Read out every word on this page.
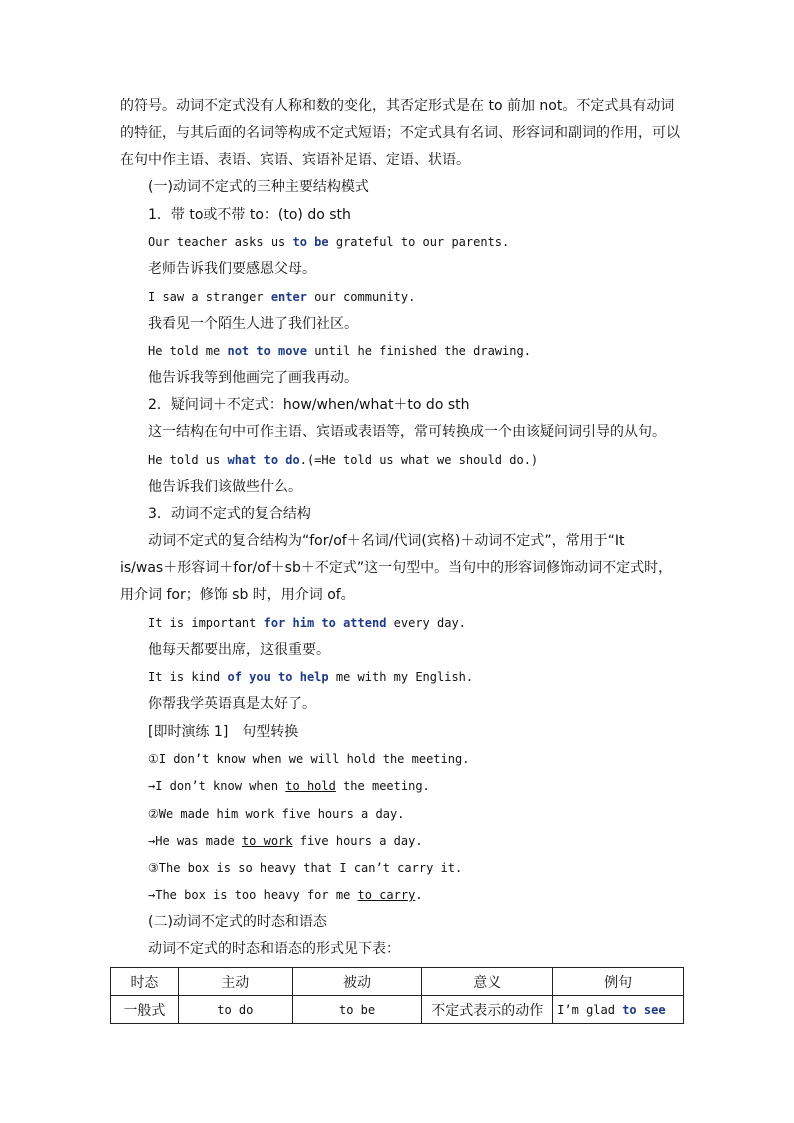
的符号。动词不定式没有人称和数的变化，其否定形式是在 to 前加 not。不定式具有动词
的特征，与其后面的名词等构成不定式短语；不定式具有名词、形容词和副词的作用，可以
在句中作主语、表语、宾语、宾语补足语、定语、状语。
(一)动词不定式的三种主要结构模式
1．带 to或不带 to：(to) do sth
Our teacher asks us to be grateful to our parents.
老师告诉我们要感恩父母。
I saw a stranger enter our community.
我看见一个陌生人进了我们社区。
He told me not to move until he finished the drawing.
他告诉我等到他画完了画我再动。
2．疑问词＋不定式：how/when/what＋to do sth
这一结构在句中可作主语、宾语或表语等，常可转换成一个由该疑问词引导的从句。
He told us what to do.(=He told us what we should do.)
他告诉我们该做些什么。
3．动词不定式的复合结构
动词不定式的复合结构为“for/of＋名词/代词(宾格)＋动词不定式”，常用于“It
is/was＋形容词＋for/of＋sb＋不定式”这一句型中。当句中的形容词修饰动词不定式时，
用介词 for；修饰 sb 时，用介词 of。
It is important for him to attend every day.
他每天都要出席，这很重要。
It is kind of you to help me with my English.
你帮我学英语真是太好了。
[即时演练 1]　句型转换
①I don’t know when we will hold the meeting.
→I don’t know when to hold the meeting.
②We made him work five hours a day.
→He was made to work five hours a day.
③The box is so heavy that I can’t carry it.
→The box is too heavy for me to carry.
(二)动词不定式的时态和语态
动词不定式的时态和语态的形式见下表：
时态	主动	被动	意义	例句
一般式	to do	to be	不定式表示的动作	I’m glad to see
